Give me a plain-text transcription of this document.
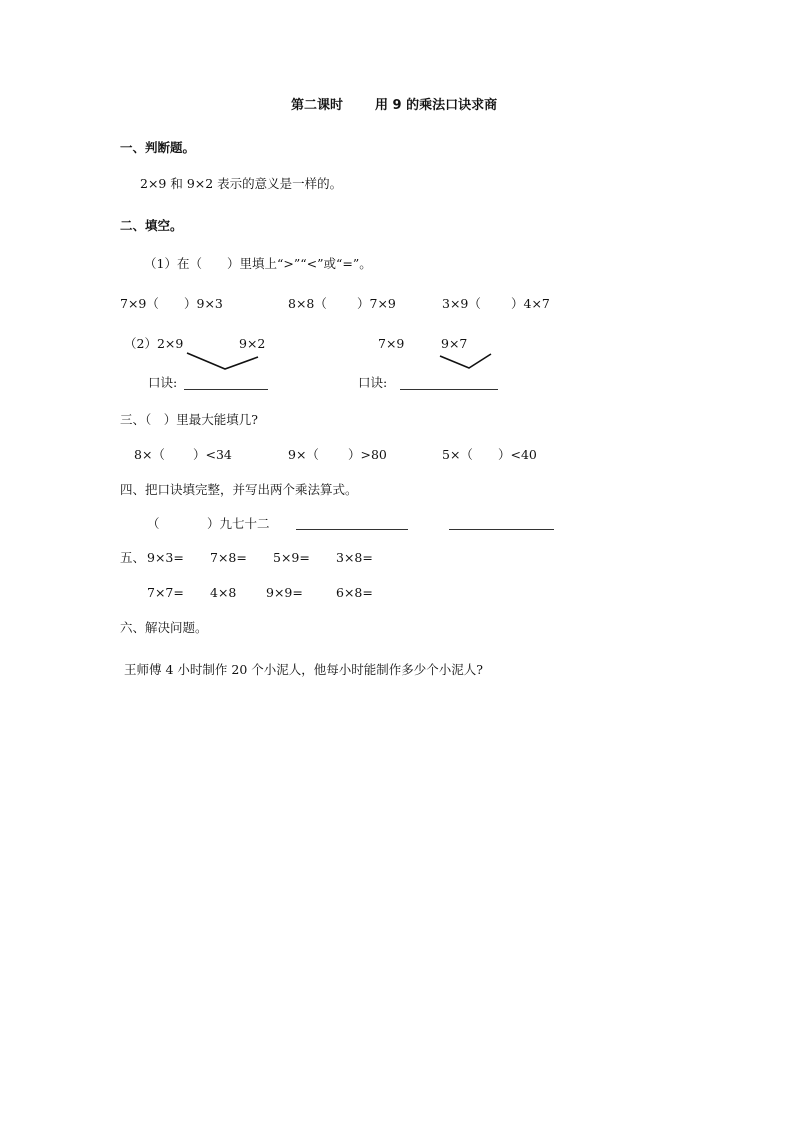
第二课时 用 9 的乘法口诀求商
一、判断题。
2×9 和 9×2 表示的意义是一样的。
二、填空。
（1）在（　　）里填上“>”“<”或“=”。
7×9（ ）9×3	8×8（ ）7×9	3×9（ ）4×7
（2）2×9	9×2	7×9	9×7
口诀:	口诀:
三、（　）里最大能填几?
8×（ ）<34	9×（ ）>80	5×（ ）<40
四、把口诀填完整，并写出两个乘法算式。
（	）九七十二
五、 9×3= 7×8= 5×9= 3×8=
7×7= 4×8 9×9=	6×8=
六、解决问题。
王师傅 4 小时制作 20 个小泥人，他每小时能制作多少个小泥人?
